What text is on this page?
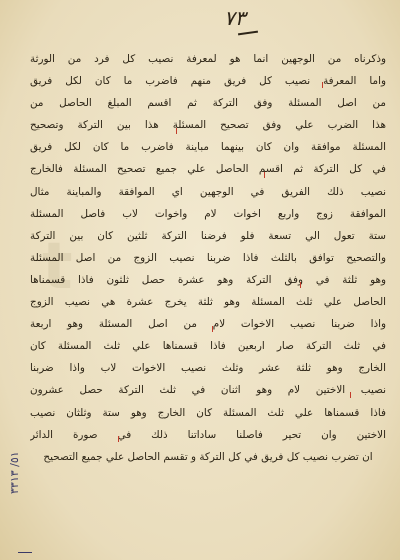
t
٧٣
وذكرناه من الوجهين انما هو لمعرفة نصيب كل فرد من الورثة
واما المعرفة نصيب كل فريق منهم فاضرب ما كان لكل فريق
من اصل المسئلة وفق التركة ثم اقسم المبلغ الحاصل من
هذا الضرب علي وفق تصحيح المسئلة هذا بين التركة وتصحيح
المسئلة موافقة وان كان بينهما مباينة فاضرب ما كان لكل فريق
في كل التركة ثم اقسم الحاصل علي جميع تصحيح المسئلة فالخارج
نصيب ذلك الفريق في الوجهين اي الموافقة والمباينة مثال
الموافقة زوج واربع اخوات لام واخوات لاب فاصل المسئلة
ستة تعول الي تسعة فلو فرضنا التركة ثلثين كان بين التركة
والتصحيح توافق بالثلث فاذا ضربنا نصيب الزوج من اصل المسئلة
وهو ثلثة في وفق التركة وهو عشرة حصل ثلثون فاذا قسمناها
الحاصل علي ثلث المسئلة وهو ثلثة يخرج عشرة هي نصيب الزوج
واذا ضربنا نصيب الاخوات لام من اصل المسئلة وهو اربعة
في ثلث التركة صار اربعين فاذا قسمناها علي ثلث المسئلة كان
الخارج وهو ثلثة عشر وثلث نصيب الاخوات لاب واذا ضربنا
نصيب الاختين لام وهو اثنان في ثلث التركة حصل عشرون
فاذا قسمناها علي ثلث المسئلة كان الخارج وهو ستة وثلثان نصيب
الاختين وان تحير فاصلنا ساداتنا ذلك في صورة الدائر
ان تضرب نصيب كل فريق في كل التركة و تقسم الحاصل علي جميع التصحيح
٥١/ ٣٣١٣
